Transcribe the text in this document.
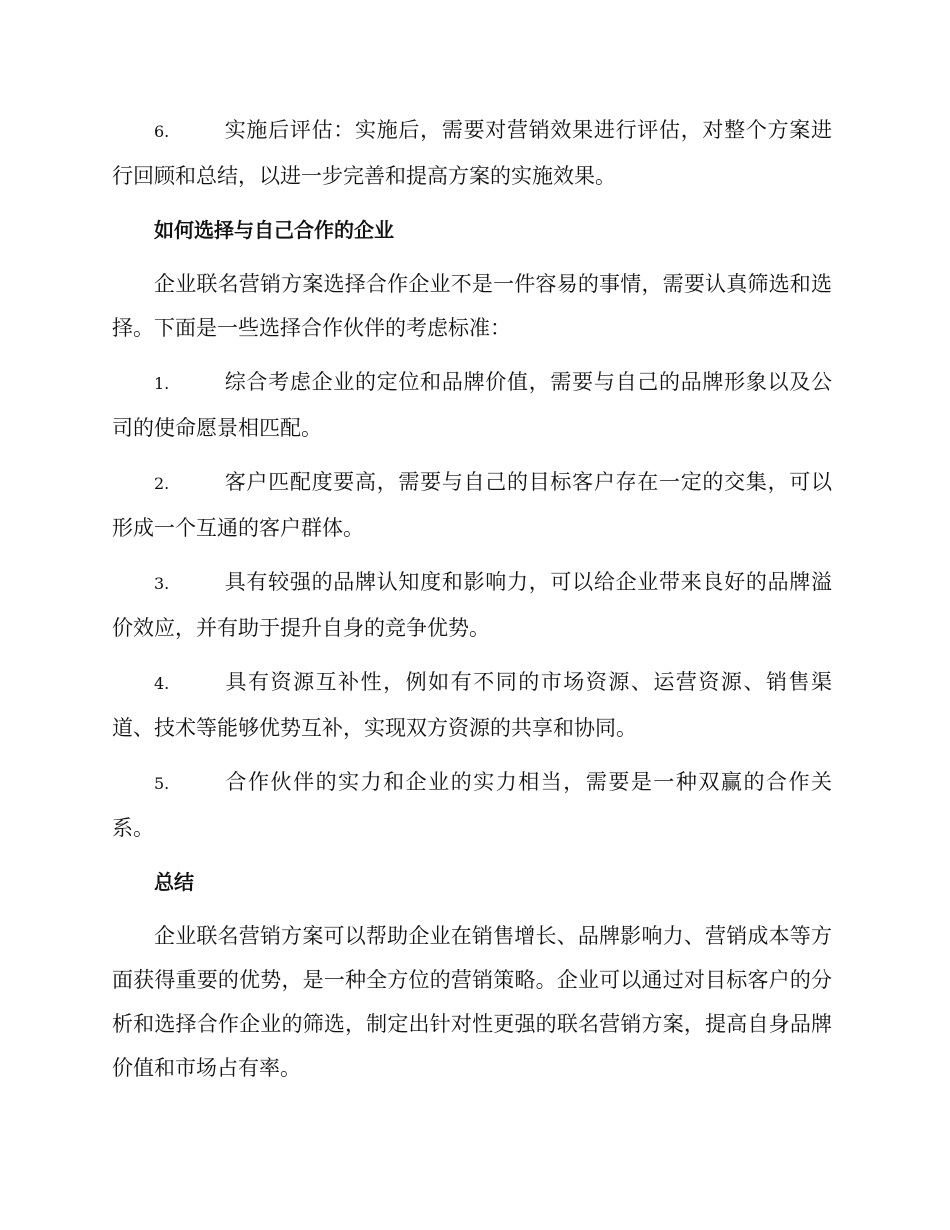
6.	实施后评估：实施后，需要对营销效果进行评估，对整个方案进行回顾和总结，以进一步完善和提高方案的实施效果。

如何选择与自己合作的企业

企业联名营销方案选择合作企业不是一件容易的事情，需要认真筛选和选择。下面是一些选择合作伙伴的考虑标准：

1.	综合考虑企业的定位和品牌价值，需要与自己的品牌形象以及公司的使命愿景相匹配。

2.	客户匹配度要高，需要与自己的目标客户存在一定的交集，可以形成一个互通的客户群体。

3.	具有较强的品牌认知度和影响力，可以给企业带来良好的品牌溢价效应，并有助于提升自身的竞争优势。

4.	具有资源互补性，例如有不同的市场资源、运营资源、销售渠道、技术等能够优势互补，实现双方资源的共享和协同。

5.	合作伙伴的实力和企业的实力相当，需要是一种双赢的合作关系。

总结

企业联名营销方案可以帮助企业在销售增长、品牌影响力、营销成本等方面获得重要的优势，是一种全方位的营销策略。企业可以通过对目标客户的分析和选择合作企业的筛选，制定出针对性更强的联名营销方案，提高自身品牌价值和市场占有率。
